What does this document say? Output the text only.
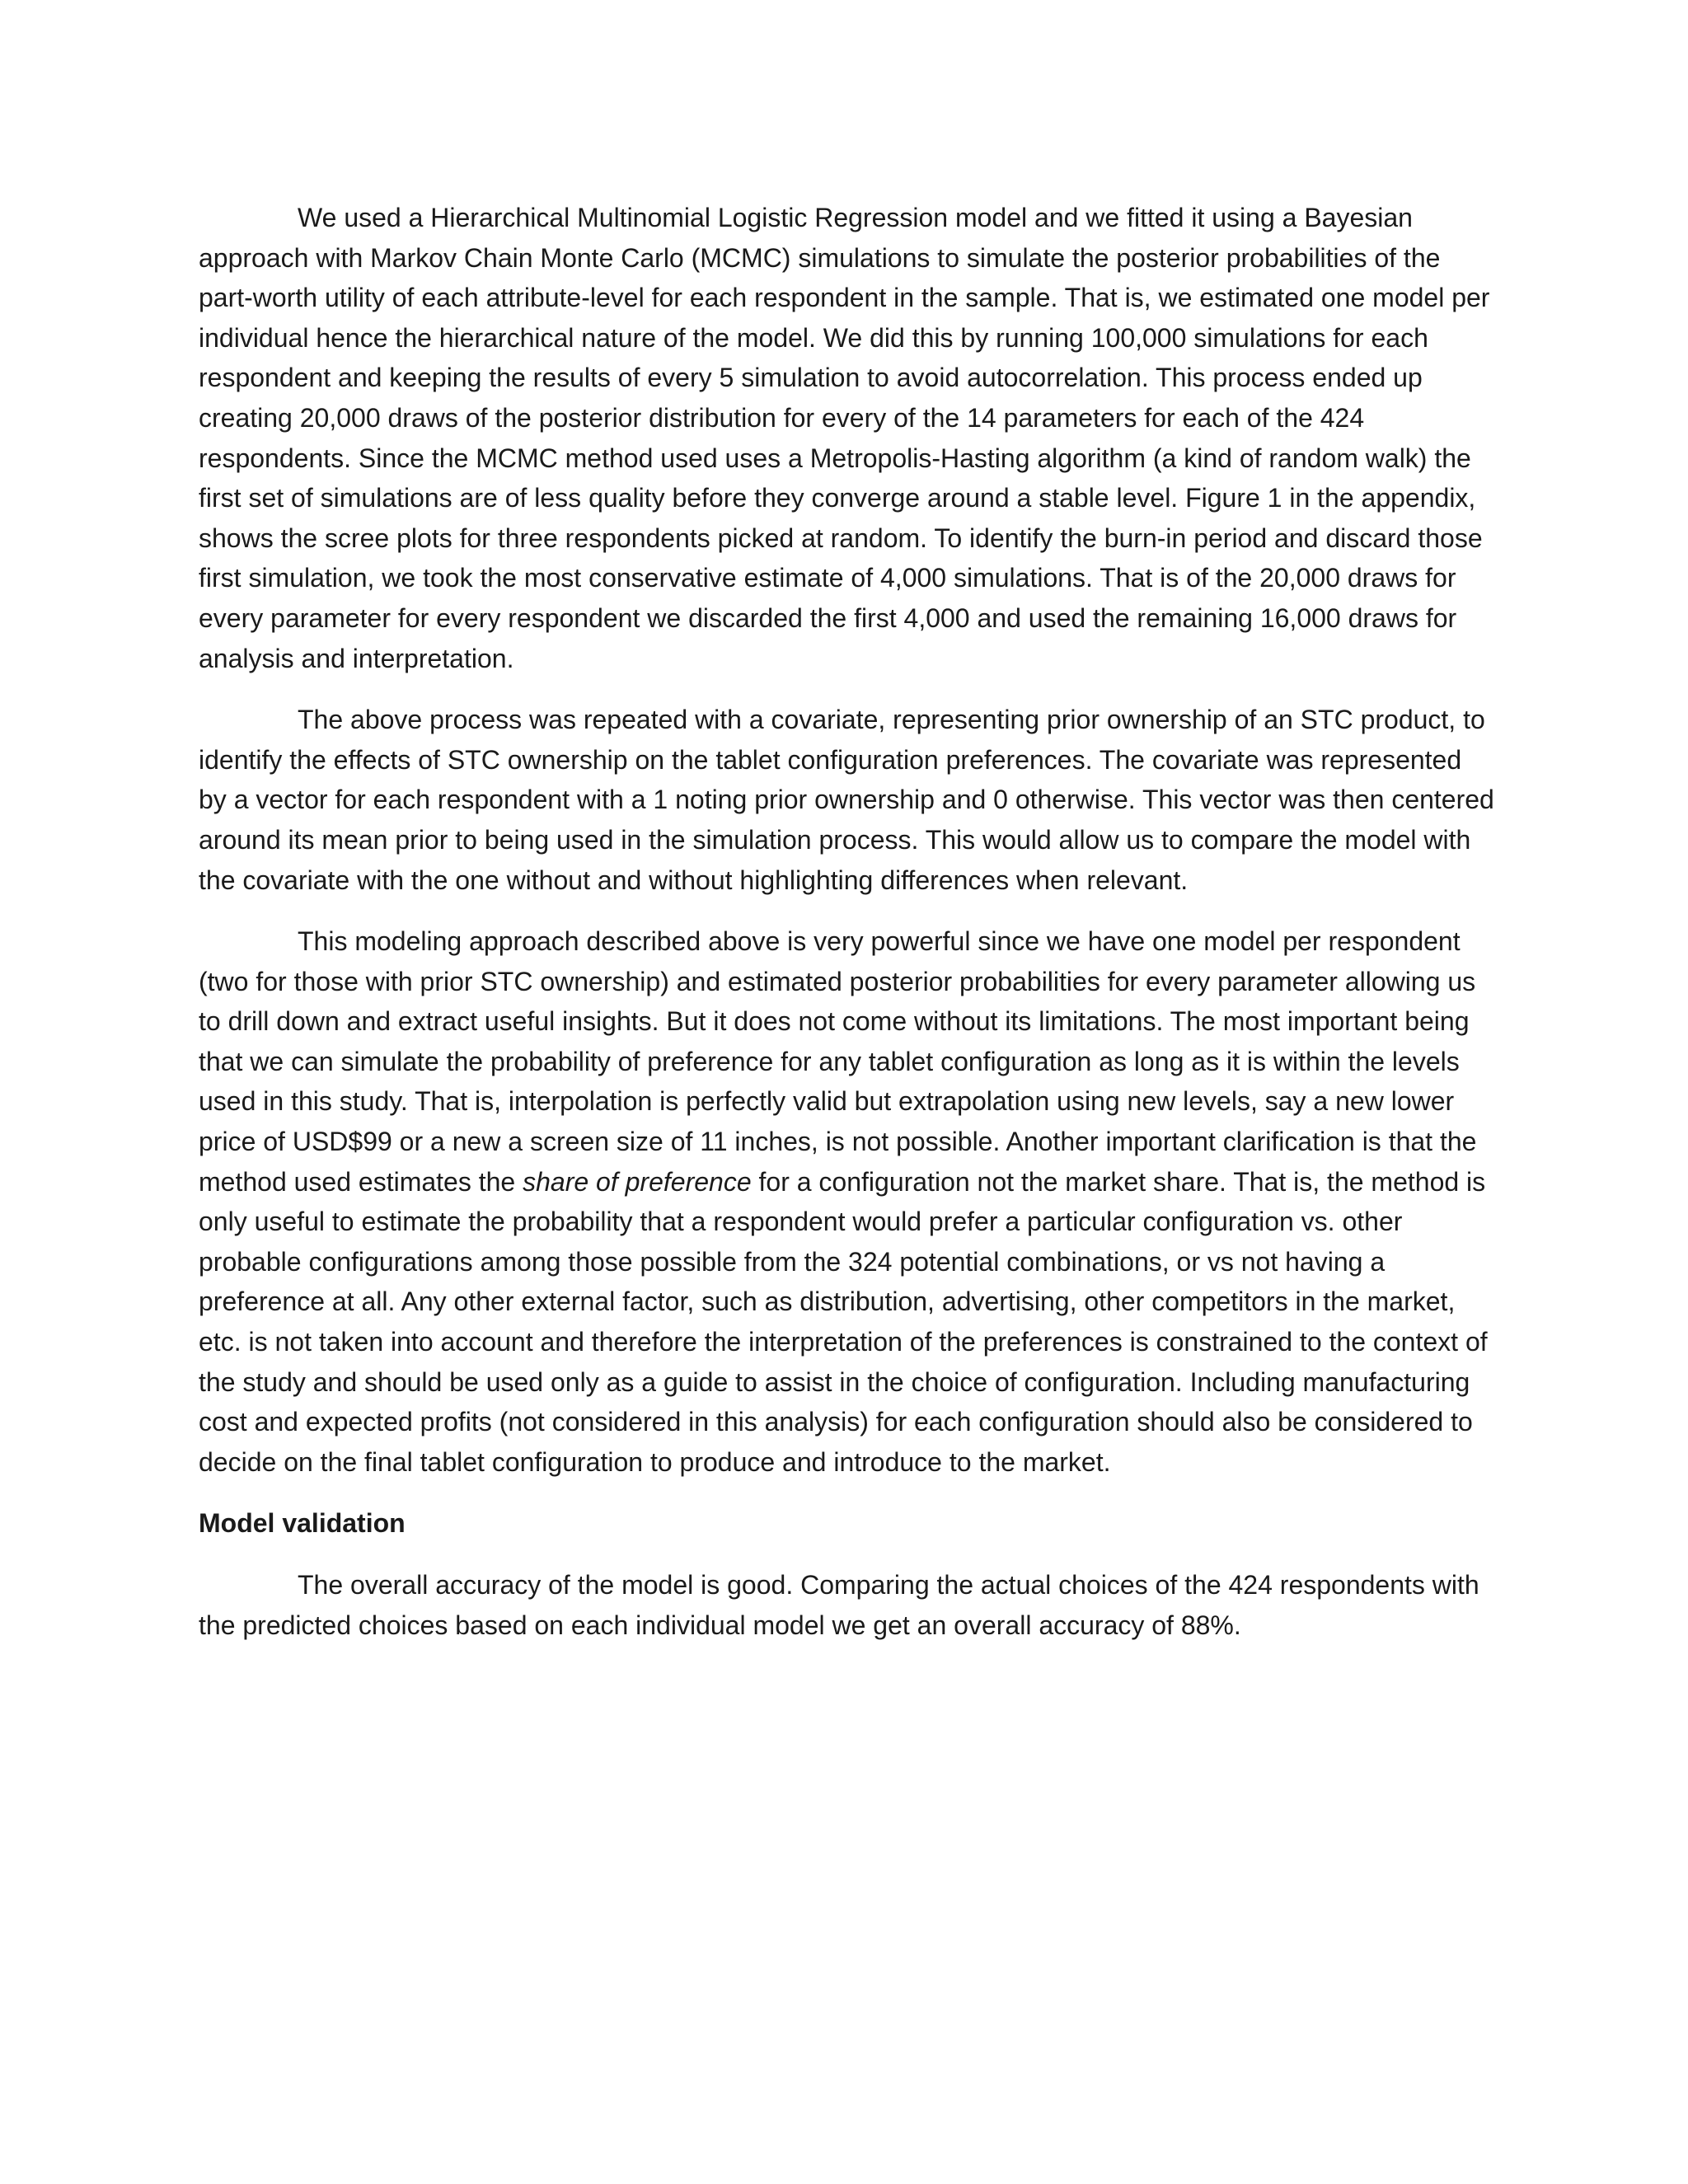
We used a Hierarchical Multinomial Logistic Regression model and we fitted it using a Bayesian approach with Markov Chain Monte Carlo (MCMC) simulations to simulate the posterior probabilities of the part-worth utility of each attribute-level for each respondent in the sample. That is, we estimated one model per individual hence the hierarchical nature of the model. We did this by running 100,000 simulations for each respondent and keeping the results of every 5 simulation to avoid autocorrelation. This process ended up creating 20,000 draws of the posterior distribution for every of the 14 parameters for each of the 424 respondents. Since the MCMC method used uses a Metropolis-Hasting algorithm (a kind of random walk) the first set of simulations are of less quality before they converge around a stable level. Figure 1 in the appendix, shows the scree plots for three respondents picked at random. To identify the burn-in period and discard those first simulation, we took the most conservative estimate of 4,000 simulations. That is of the 20,000 draws for every parameter for every respondent we discarded the first 4,000 and used the remaining 16,000 draws for analysis and interpretation.

The above process was repeated with a covariate, representing prior ownership of an STC product, to identify the effects of STC ownership on the tablet configuration preferences. The covariate was represented by a vector for each respondent with a 1 noting prior ownership and 0 otherwise. This vector was then centered around its mean prior to being used in the simulation process. This would allow us to compare the model with the covariate with the one without and without highlighting differences when relevant.

This modeling approach described above is very powerful since we have one model per respondent (two for those with prior STC ownership) and estimated posterior probabilities for every parameter allowing us to drill down and extract useful insights. But it does not come without its limitations. The most important being that we can simulate the probability of preference for any tablet configuration as long as it is within the levels used in this study. That is, interpolation is perfectly valid but extrapolation using new levels, say a new lower price of USD$99 or a new a screen size of 11 inches, is not possible. Another important clarification is that the method used estimates the share of preference for a configuration not the market share. That is, the method is only useful to estimate the probability that a respondent would prefer a particular configuration vs. other probable configurations among those possible from the 324 potential combinations, or vs not having a preference at all. Any other external factor, such as distribution, advertising, other competitors in the market, etc. is not taken into account and therefore the interpretation of the preferences is constrained to the context of the study and should be used only as a guide to assist in the choice of configuration. Including manufacturing cost and expected profits (not considered in this analysis) for each configuration should also be considered to decide on the final tablet configuration to produce and introduce to the market.

Model validation

The overall accuracy of the model is good. Comparing the actual choices of the 424 respondents with the predicted choices based on each individual model we get an overall accuracy of 88%.
